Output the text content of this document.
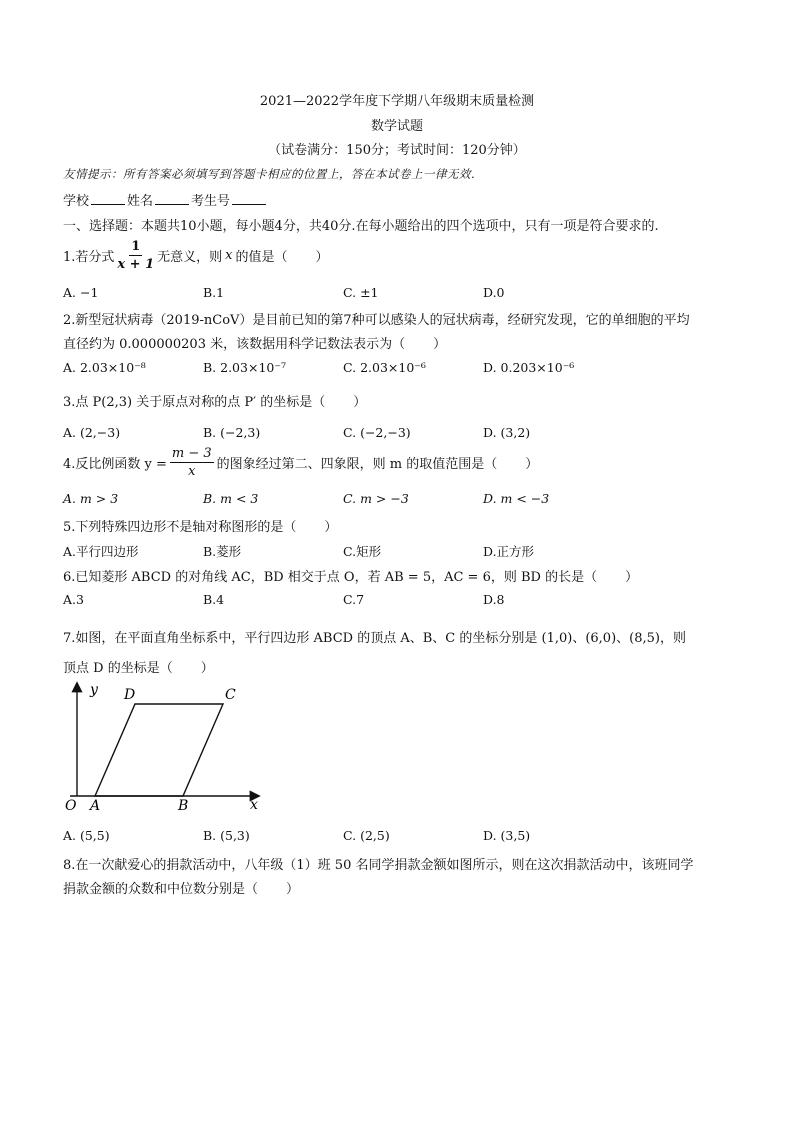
2021—2022学年度下学期八年级期末质量检测
数学试题
（试卷满分：150分；考试时间：120分钟）
友情提示：所有答案必须填写到答题卡相应的位置上，答在本试卷上一律无效.
学校	姓名	考生号
一、选择题：本题共10小题，每小题4分，共40分.在每小题给出的四个选项中，只有一项是符合要求的.
1.若分式 $\frac{1}{x + 1}$ 无意义，则 x 的值是（ ）
A. −1	B.1	C. ±1	D.0
2.新型冠状病毒（2019-nCoV）是目前已知的第7种可以感染人的冠状病毒，经研究发现，它的单细胞的平均
直径约为 0.000000203 米，该数据用科学记数法表示为（ ）
A. 2.03×10⁻⁸	B. 2.03×10⁻⁷	C. 2.03×10⁻⁶	D. 0.203×10⁻⁶
3.点 P(2,3) 关于原点对称的点 P′ 的坐标是（ ）
A. (2,−3)	B. (−2,3)	C. (−2,−3)	D. (3,2)
4.反比例函数 $y = \frac{m - 3}{x}$ 的图象经过第二、四象限，则 m 的取值范围是（ ）
A. m > 3	B. m < 3	C. m > −3	D. m < −3
5.下列特殊四边形不是轴对称图形的是（ ）
A.平行四边形	B.菱形	C.矩形	D.正方形
6.已知菱形 ABCD 的对角线 AC，BD 相交于点 O，若 AB = 5，AC = 6，则 BD 的长是（ ）
A.3	B.4	C.7	D.8
7.如图，在平面直角坐标系中，平行四边形 ABCD 的顶点 A、B、C 的坐标分别是 (1,0)、(6,0)、(8,5)，则
顶点 D 的坐标是（ ）
y
x
O A	B
C
D
A. (5,5)	B. (5,3)	C. (2,5)	D. (3,5)
8.在一次献爱心的捐款活动中，八年级（1）班 50 名同学捐款金额如图所示，则在这次捐款活动中，该班同学
捐款金额的众数和中位数分别是（ ）
